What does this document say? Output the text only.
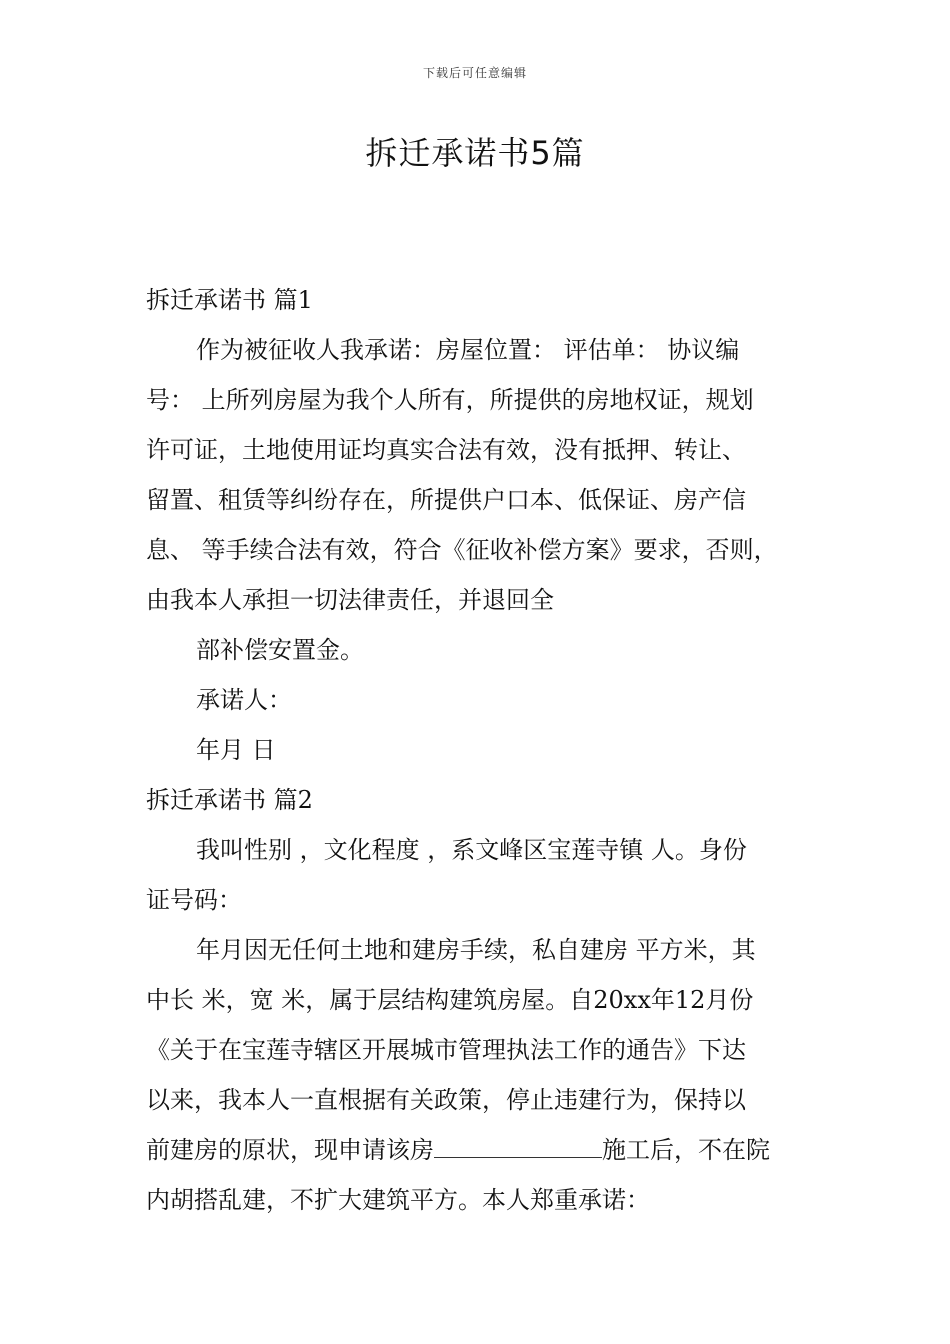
下载后可任意编辑
拆迁承诺书5篇
拆迁承诺书 篇1
作为被征收人我承诺：房屋位置： 评估单： 协议编
号： 上所列房屋为我个人所有，所提供的房地权证，规划
许可证，土地使用证均真实合法有效，没有抵押、转让、
留置、租赁等纠纷存在，所提供户口本、低保证、房产信
息、 等手续合法有效，符合《征收补偿方案》要求，否则，
由我本人承担一切法律责任，并退回全
部补偿安置金。
承诺人：
年月 日
拆迁承诺书 篇2
我叫性别 ，文化程度 ，系文峰区宝莲寺镇 人。身份
证号码：
年月因无任何土地和建房手续，私自建房 平方米，其
中长 米，宽 米，属于层结构建筑房屋。自20xx年12月份
《关于在宝莲寺辖区开展城市管理执法工作的通告》下达
以来，我本人一直根据有关政策，停止违建行为，保持以
前建房的原状，现申请该房	施工后，不在院
内胡搭乱建，不扩大建筑平方。本人郑重承诺：
